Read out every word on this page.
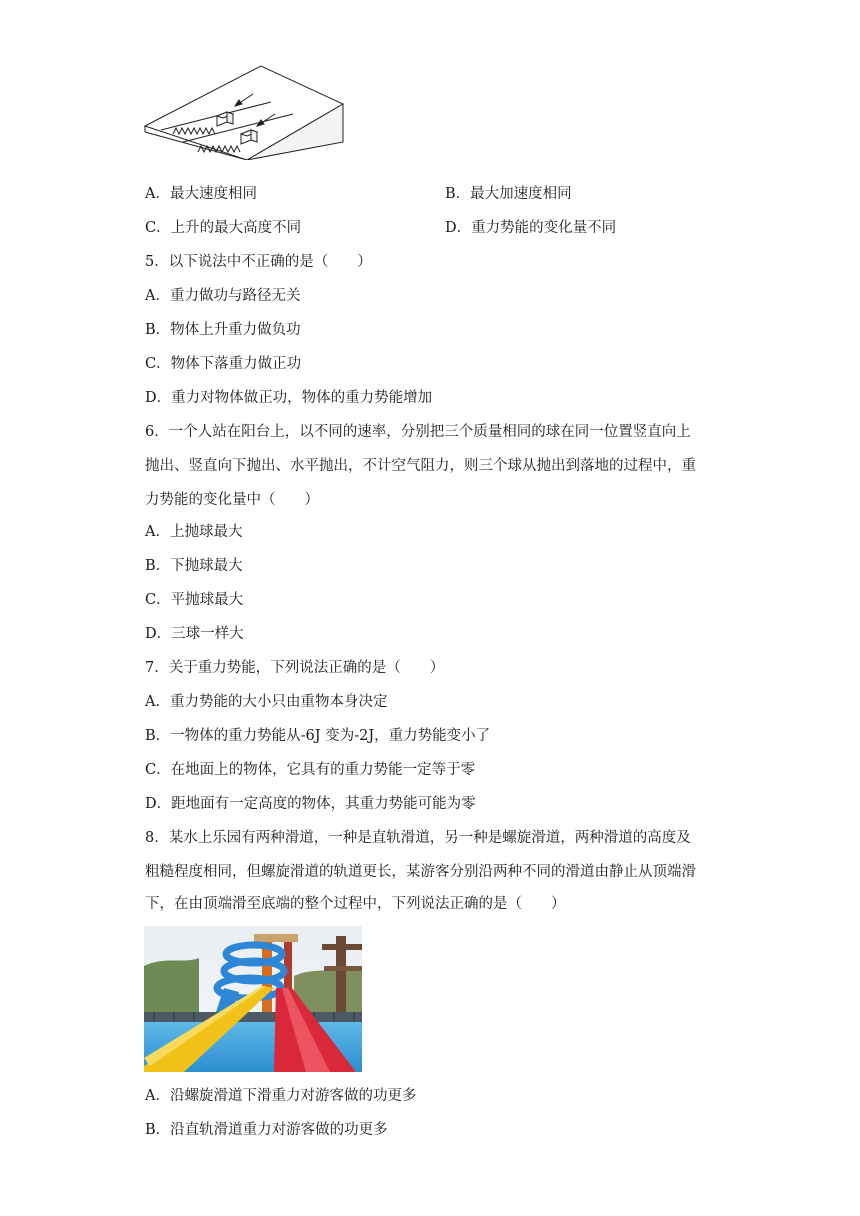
A．最大速度相同	B．最大加速度相同
C．上升的最大高度不同	D．重力势能的变化量不同
5．以下说法中不正确的是（　　）
A．重力做功与路径无关
B．物体上升重力做负功
C．物体下落重力做正功
D．重力对物体做正功，物体的重力势能增加
6．一个人站在阳台上，以不同的速率，分别把三个质量相同的球在同一位置竖直向上
抛出、竖直向下抛出、水平抛出，不计空气阻力，则三个球从抛出到落地的过程中，重
力势能的变化量中（　　）
A．上抛球最大
B．下抛球最大
C．平抛球最大
D．三球一样大
7．关于重力势能，下列说法正确的是（　　）
A．重力势能的大小只由重物本身决定
B．一物体的重力势能从-6J 变为-2J，重力势能变小了
C．在地面上的物体，它具有的重力势能一定等于零
D．距地面有一定高度的物体，其重力势能可能为零
8．某水上乐园有两种滑道，一种是直轨滑道，另一种是螺旋滑道，两种滑道的高度及
粗糙程度相同，但螺旋滑道的轨道更长，某游客分别沿两种不同的滑道由静止从顶端滑
下，在由顶端滑至底端的整个过程中，下列说法正确的是（　　）
A．沿螺旋滑道下滑重力对游客做的功更多
B．沿直轨滑道重力对游客做的功更多
